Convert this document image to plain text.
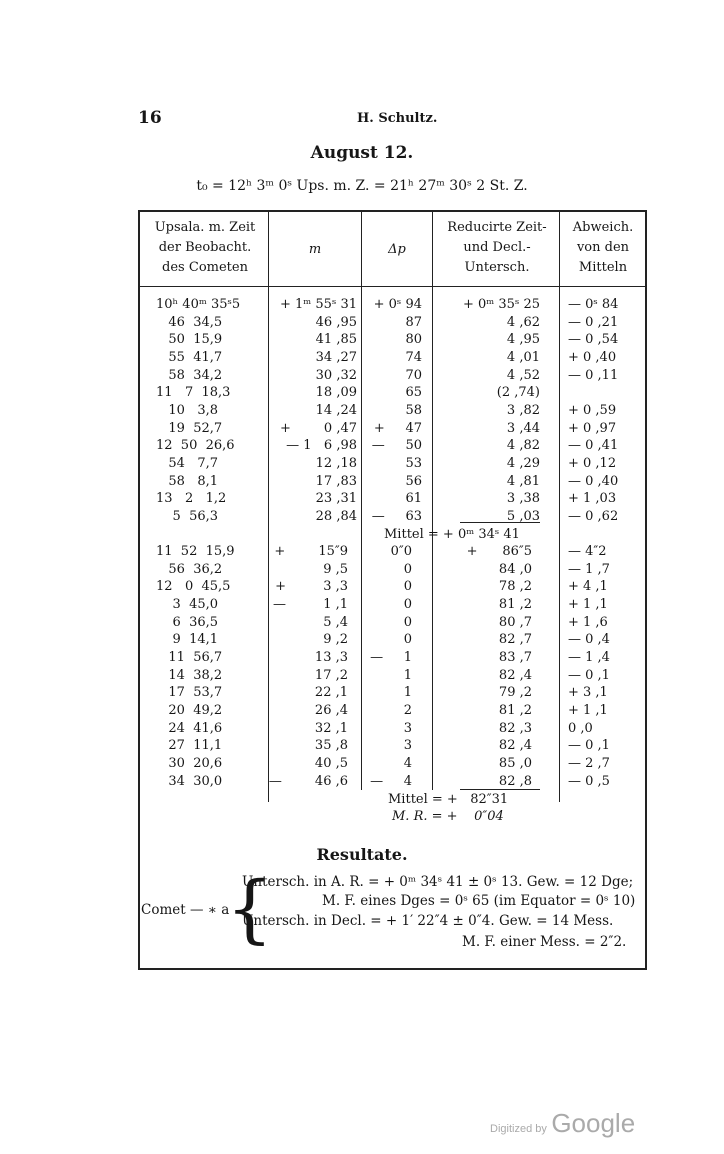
16	H. Schultz.
August 12.
t₀ = 12ʰ 3ᵐ 0ˢ Ups. m. Z. = 21ʰ 27ᵐ 30ˢ 2 St. Z.
Upsala. m. Zeit der Beobacht. des Cometen
m	Δp
Reducirte Zeit- und Decl.-Untersch.
Abweich. von den Mitteln
10ʰ 40ᵐ 35ˢ5
46  34,5
50  15,9
55  41,7
58  34,2
11   7  18,3
10   3,8
19  52,7
12  50  26,6
54   7,7
58   8,1
13   2   1,2
5  56,3
+ 1ᵐ 55ˢ 31
46 ,95
41 ,85
34 ,27
30 ,32
18 ,09
14 ,24
+        0 ,47
— 1   6 ,98
12 ,18
17 ,83
23 ,31
28 ,84
+ 0ˢ 94
87
80
74
70
65
58
+     47
—     50
53
56
61
—     63
+ 0ᵐ 35ˢ 25
4 ,62
4 ,95
4 ,01
4 ,52
(2 ,74)
3 ,82
3 ,44
4 ,82
4 ,29
4 ,81
3 ,38
5 ,03
— 0ˢ 84
— 0 ,21
— 0 ,54
+ 0 ,40
— 0 ,11

+ 0 ,59
+ 0 ,97
— 0 ,41
+ 0 ,12
— 0 ,40
+ 1 ,03
— 0 ,62
Mittel = + 0ᵐ 34ˢ 41
11  52  15,9
56  36,2
12   0  45,5
3  45,0
6  36,5
9  14,1
11  56,7
14  38,2
17  53,7
20  49,2
24  41,6
27  11,1
30  20,6
34  30,0
+        15″9
9 ,5
+         3 ,3
—         1 ,1
5 ,4
9 ,2
13 ,3
17 ,2
22 ,1
26 ,4
32 ,1
35 ,8
40 ,5
—        46 ,6
0″0
0
0
0
0
0
—     1
1
1
2
3
3
4
—     4
+      86″5
84 ,0
78 ,2
81 ,2
80 ,7
82 ,7
83 ,7
82 ,4
79 ,2
81 ,2
82 ,3
82 ,4
85 ,0
82 ,8
— 4″2
— 1 ,7
+ 4 ,1
+ 1 ,1
+ 1 ,6
— 0 ,4
— 1 ,4
— 0 ,1
+ 3 ,1
+ 1 ,1
0 ,0
— 0 ,1
— 2 ,7
— 0 ,5
Mittel = +   82″31
M. R. = +    0″04
Resultate.
Comet — ∗ a
{
Untersch. in A. R. = + 0ᵐ 34ˢ 41 ± 0ˢ 13. Gew. = 12 Dge;
M. F. eines Dges = 0ˢ 65 (im Equator = 0ˢ 10)
Untersch. in Decl. = + 1′ 22″4 ± 0″4. Gew. = 14 Mess.
M. F. einer Mess. = 2″2.
Digitized by Google
